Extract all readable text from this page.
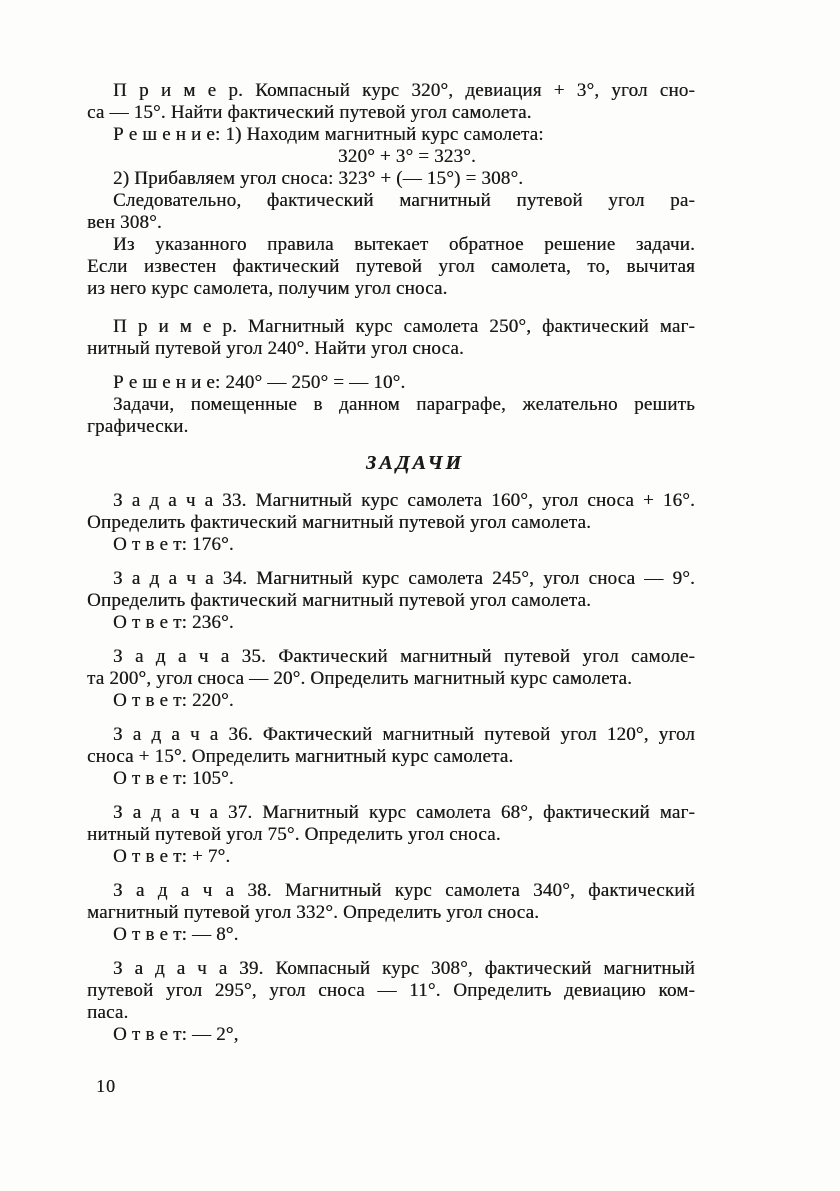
П р и м е р. Компасный курс 320°, девиация + 3°, угол сно-
са — 15°. Найти фактический путевой угол самолета.
Р е ш е н и е: 1) Находим магнитный курс самолета:
320° + 3° = 323°.
2) Прибавляем угол сноса: 323° + (— 15°) = 308°.
Следовательно, фактический магнитный путевой угол ра-
вен 308°.
Из указанного правила вытекает обратное решение задачи.
Если известен фактический путевой угол самолета, то, вычитая
из него курс самолета, получим угол сноса.
П р и м е р. Магнитный курс самолета 250°, фактический маг-
нитный путевой угол 240°. Найти угол сноса.
Р е ш е н и е: 240° — 250° = — 10°.
Задачи, помещенные в данном параграфе, желательно решить
графически.
ЗАДАЧИ
З а д а ч а 33. Магнитный курс самолета 160°, угол сноса + 16°.
Определить фактический магнитный путевой угол самолета.
О т в е т: 176°.
З а д а ч а 34. Магнитный курс самолета 245°, угол сноса — 9°.
Определить фактический магнитный путевой угол самолета.
О т в е т: 236°.
З а д а ч а 35. Фактический магнитный путевой угол самоле-
та 200°, угол сноса — 20°. Определить магнитный курс самолета.
О т в е т: 220°.
З а д а ч а 36. Фактический магнитный путевой угол 120°, угол
сноса + 15°. Определить магнитный курс самолета.
О т в е т: 105°.
З а д а ч а 37. Магнитный курс самолета 68°, фактический маг-
нитный путевой угол 75°. Определить угол сноса.
О т в е т: + 7°.
З а д а ч а 38. Магнитный курс самолета 340°, фактический
магнитный путевой угол 332°. Определить угол сноса.
О т в е т: — 8°.
З а д а ч а 39. Компасный курс 308°, фактический магнитный
путевой угол 295°, угол сноса — 11°. Определить девиацию ком-
паса.
О т в е т: — 2°,
10
